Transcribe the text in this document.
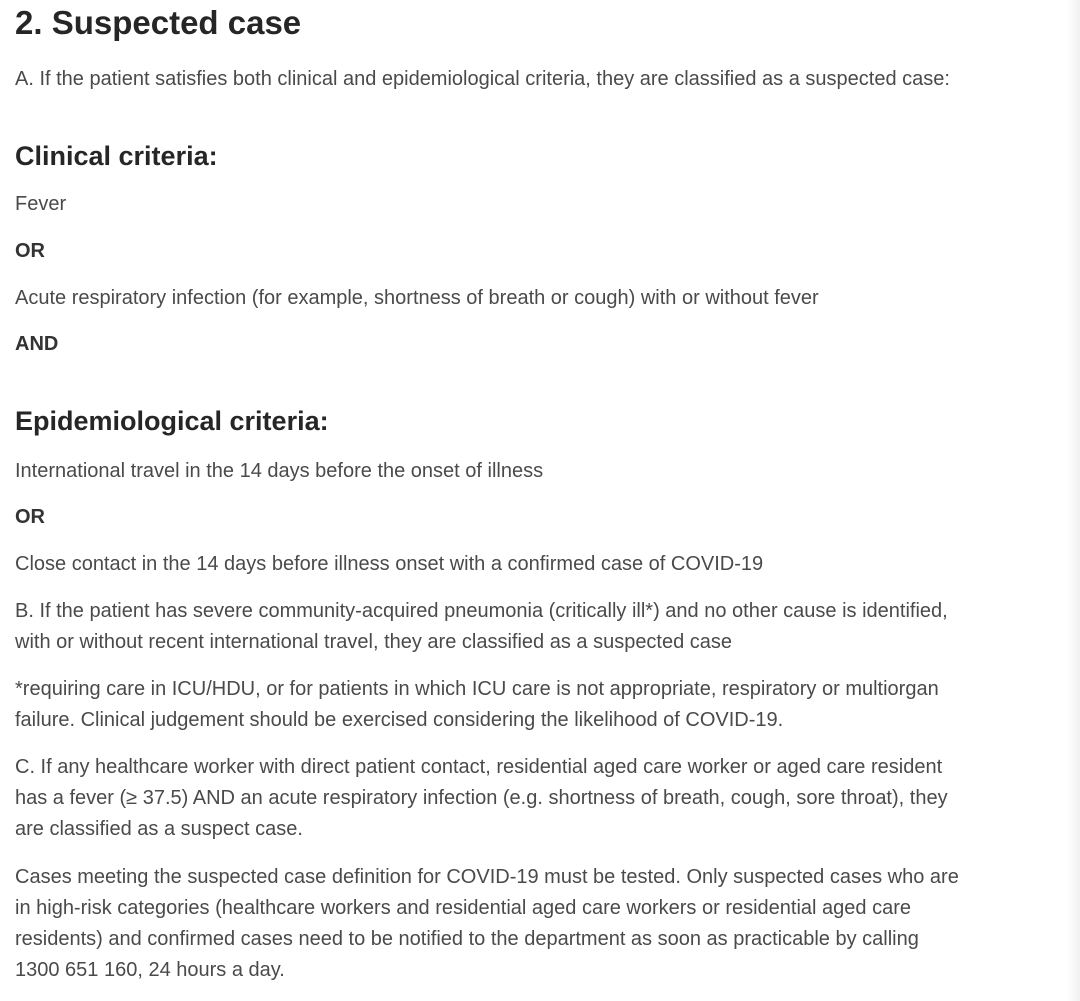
2. Suspected case

A. If the patient satisfies both clinical and epidemiological criteria, they are classified as a suspected case:

Clinical criteria:

Fever

OR

Acute respiratory infection (for example, shortness of breath or cough) with or without fever

AND

Epidemiological criteria:

International travel in the 14 days before the onset of illness

OR

Close contact in the 14 days before illness onset with a confirmed case of COVID-19

B. If the patient has severe community-acquired pneumonia (critically ill*) and no other cause is identified,
with or without recent international travel, they are classified as a suspected case

*requiring care in ICU/HDU, or for patients in which ICU care is not appropriate, respiratory or multiorgan
failure. Clinical judgement should be exercised considering the likelihood of COVID-19.

C. If any healthcare worker with direct patient contact, residential aged care worker or aged care resident
has a fever (≥ 37.5) AND an acute respiratory infection (e.g. shortness of breath, cough, sore throat), they
are classified as a suspect case.

Cases meeting the suspected case definition for COVID-19 must be tested. Only suspected cases who are
in high-risk categories (healthcare workers and residential aged care workers or residential aged care
residents) and confirmed cases need to be notified to the department as soon as practicable by calling
1300 651 160, 24 hours a day.
